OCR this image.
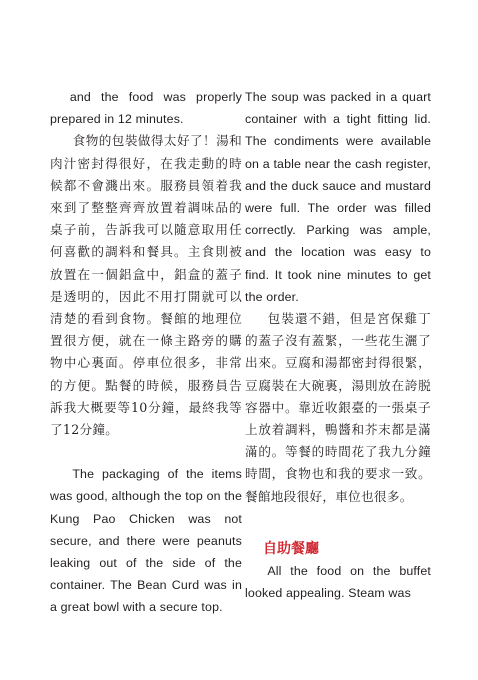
and the food was properly prepared in 12 minutes.

食物的包裝做得太好了！湯和肉汁密封得很好，在我走動的時候都不會濺出來。服務員領着我來到了整整齊齊放置着調味品的桌子前，告訴我可以隨意取用任何喜歡的調料和餐具。主食則被放置在一個鋁盒中，鋁盒的蓋子是透明的，因此不用打開就可以清楚的看到食物。餐館的地理位置很方便，就在一條主路旁的購物中心裏面。停車位很多，非常的方便。點餐的時候，服務員告訴我大概要等10分鐘，最終我等了12分鐘。

The packaging of the items was good, although the top on the Kung Pao Chicken was not secure, and there were peanuts leaking out of the side of the container. The Bean Curd was in a great bowl with a secure top.

The soup was packed in a quart container with a tight fitting lid. The condiments were available on a table near the cash register, and the duck sauce and mustard were full. The order was filled correctly. Parking was ample, and the location was easy to find. It took nine minutes to get the order.

包裝還不錯，但是宮保雞丁的蓋子沒有蓋緊，一些花生灑了出來。豆腐和湯都密封得很緊，豆腐裝在大碗裏，湯則放在誇脱容器中。靠近收銀臺的一張桌子上放着調料，鴨醬和芥末都是滿滿的。等餐的時間花了我九分鐘時間，食物也和我的要求一致。餐館地段很好，車位也很多。

自助餐廳

All the food on the buffet looked appealing. Steam was
